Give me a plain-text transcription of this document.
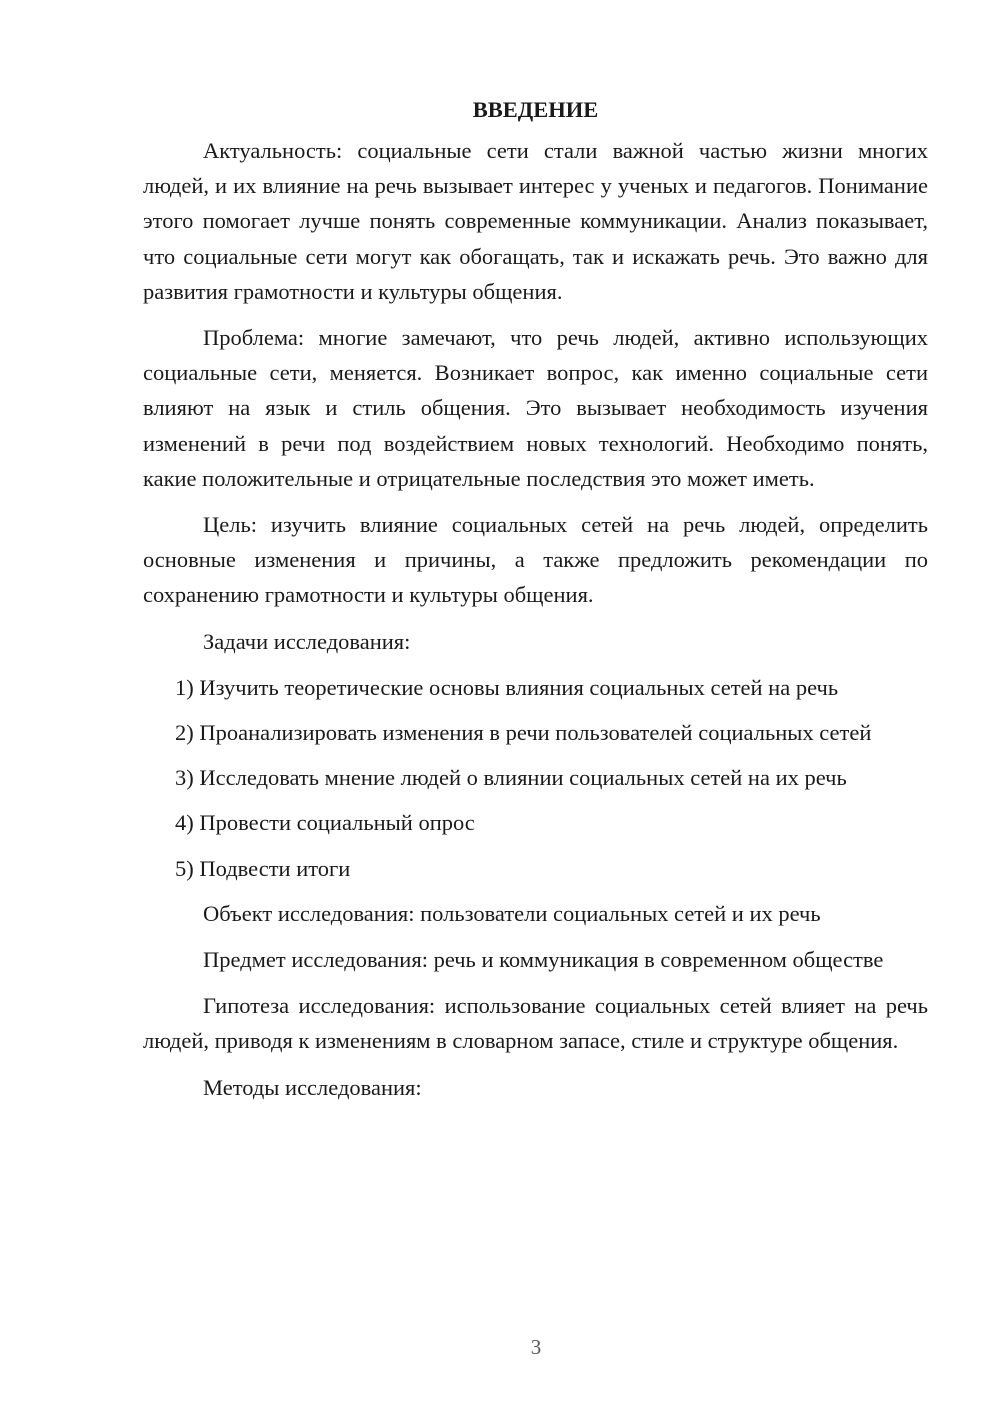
ВВЕДЕНИЕ

Актуальность: социальные сети стали важной частью жизни многих людей, и их влияние на речь вызывает интерес у ученых и педагогов. Понимание этого помогает лучше понять современные коммуникации. Анализ показывает, что социальные сети могут как обогащать, так и искажать речь. Это важно для развития грамотности и культуры общения.

Проблема: многие замечают, что речь людей, активно использующих социальные сети, меняется. Возникает вопрос, как именно социальные сети влияют на язык и стиль общения. Это вызывает необходимость изучения изменений в речи под воздействием новых технологий. Необходимо понять, какие положительные и отрицательные последствия это может иметь.

Цель: изучить влияние социальных сетей на речь людей, определить основные изменения и причины, а также предложить рекомендации по сохранению грамотности и культуры общения.

Задачи исследования:

1) Изучить теоретические основы влияния социальных сетей на речь

2) Проанализировать изменения в речи пользователей социальных сетей

3) Исследовать мнение людей о влиянии социальных сетей на их речь

4) Провести социальный опрос

5) Подвести итоги

Объект исследования: пользователи социальных сетей и их речь

Предмет исследования: речь и коммуникация в современном обществе

Гипотеза исследования: использование социальных сетей влияет на речь людей, приводя к изменениям в словарном запасе, стиле и структуре общения.

Методы исследования:

3
